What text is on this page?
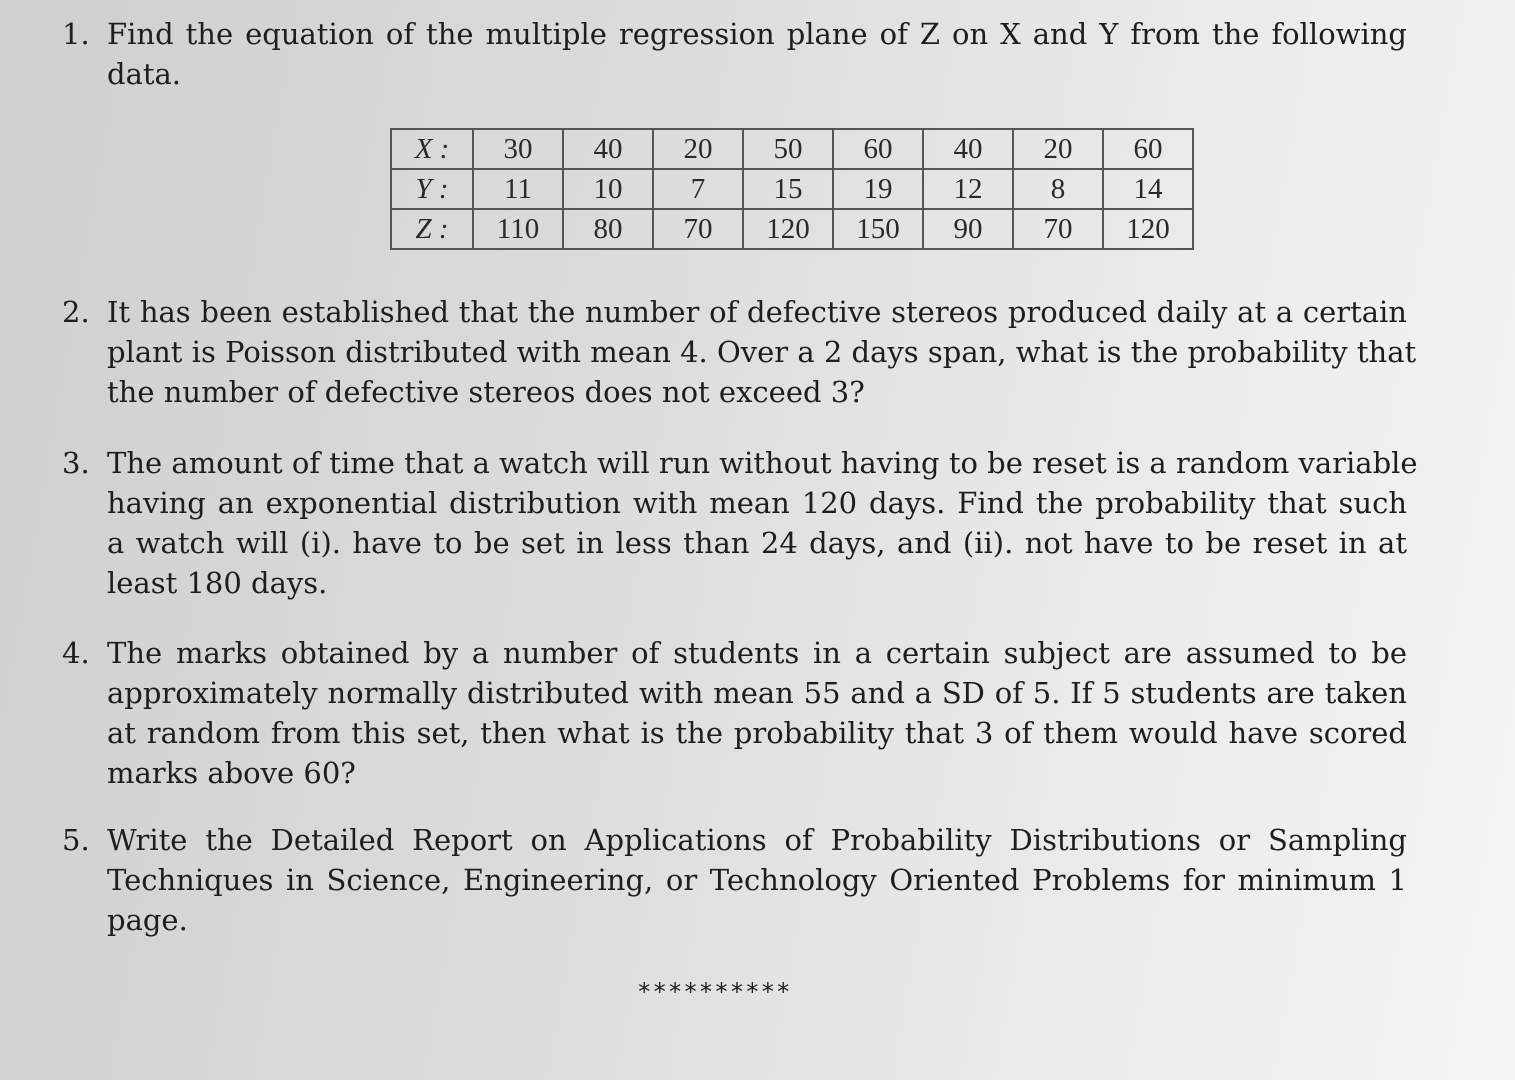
1. Find the equation of the multiple regression plane of Z on X and Y from the following
data.
X :	30	40	20	50	60	40	20	60
Y :	11	10	7	15	19	12	8	14
Z :	110	80	70	120	150	90	70	120
2. It has been established that the number of defective stereos produced daily at a certain
plant is Poisson distributed with mean 4. Over a 2 days span, what is the probability that
the number of defective stereos does not exceed 3?
3. The amount of time that a watch will run without having to be reset is a random variable
having an exponential distribution with mean 120 days. Find the probability that such
a watch will (i). have to be set in less than 24 days, and (ii). not have to be reset in at
least 180 days.
4. The marks obtained by a number of students in a certain subject are assumed to be
approximately normally distributed with mean 55 and a SD of 5. If 5 students are taken
at random from this set, then what is the probability that 3 of them would have scored
marks above 60?
5. Write the Detailed Report on Applications of Probability Distributions or Sampling
Techniques in Science, Engineering, or Technology Oriented Problems for minimum 1
page.
**********
